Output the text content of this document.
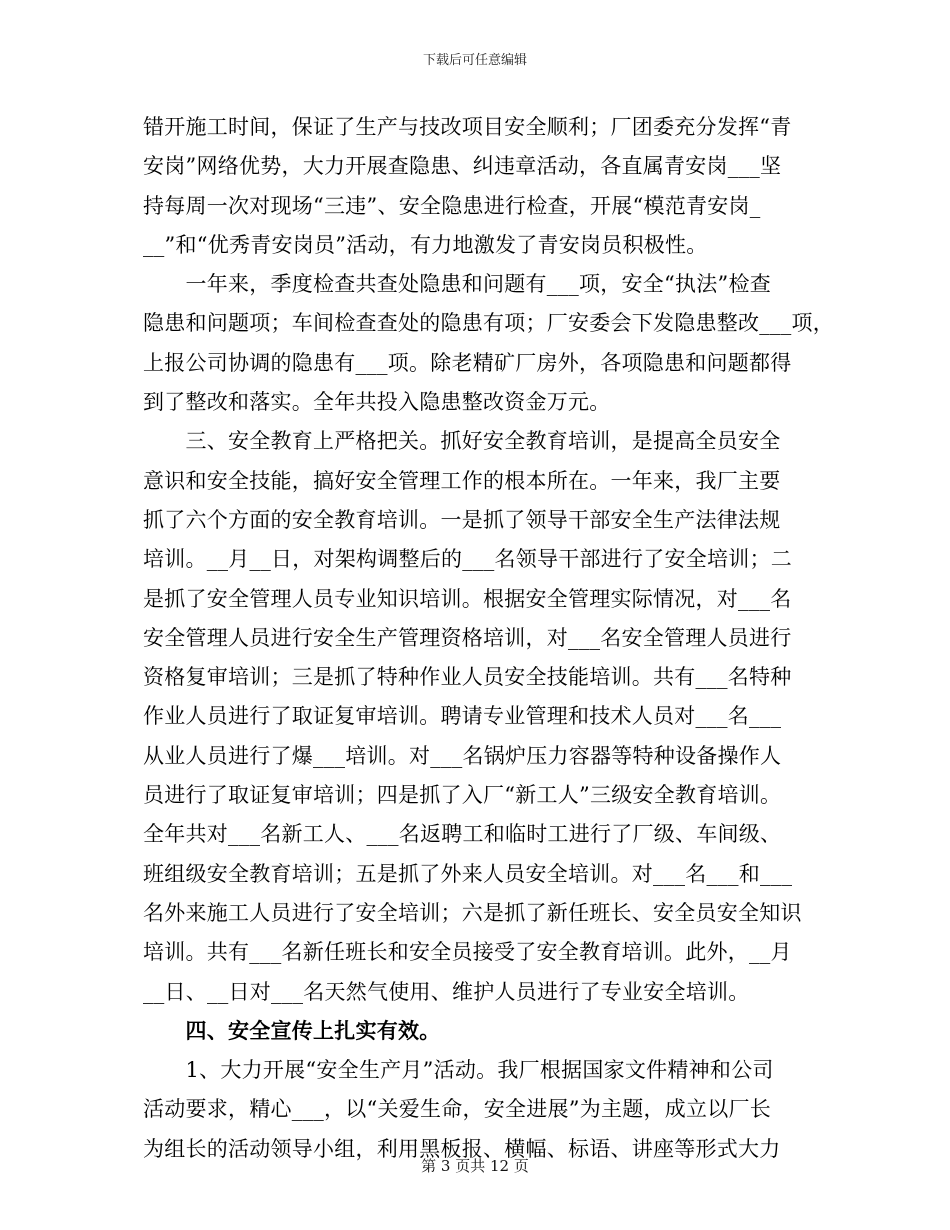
下载后可任意编辑
错开施工时间，保证了生产与技改项目安全顺利；厂团委充分发挥“青
安岗”网络优势，大力开展查隐患、纠违章活动，各直属青安岗___坚
持每周一次对现场“三违”、安全隐患进行检查，开展“模范青安岗_
__”和“优秀青安岗员”活动，有力地激发了青安岗员积极性。
　　一年来，季度检查共查处隐患和问题有___项，安全“执法”检查
隐患和问题项；车间检查查处的隐患有项；厂安委会下发隐患整改___项，
上报公司协调的隐患有___项。除老精矿厂房外，各项隐患和问题都得
到了整改和落实。全年共投入隐患整改资金万元。
　　三、安全教育上严格把关。抓好安全教育培训，是提高全员安全
意识和安全技能，搞好安全管理工作的根本所在。一年来，我厂主要
抓了六个方面的安全教育培训。一是抓了领导干部安全生产法律法规
培训。__月__日，对架构调整后的___名领导干部进行了安全培训；二
是抓了安全管理人员专业知识培训。根据安全管理实际情况，对___名
安全管理人员进行安全生产管理资格培训，对___名安全管理人员进行
资格复审培训；三是抓了特种作业人员安全技能培训。共有___名特种
作业人员进行了取证复审培训。聘请专业管理和技术人员对___名___
从业人员进行了爆___培训。对___名锅炉压力容器等特种设备操作人
员进行了取证复审培训；四是抓了入厂“新工人”三级安全教育培训。
全年共对___名新工人、___名返聘工和临时工进行了厂级、车间级、
班组级安全教育培训；五是抓了外来人员安全培训。对___名___和___
名外来施工人员进行了安全培训；六是抓了新任班长、安全员安全知识
培训。共有___名新任班长和安全员接受了安全教育培训。此外，__月
__日、__日对___名天然气使用、维护人员进行了专业安全培训。
　　四、安全宣传上扎实有效。
　　1、大力开展“安全生产月”活动。我厂根据国家文件精神和公司
活动要求，精心___，以“关爱生命，安全进展”为主题，成立以厂长
为组长的活动领导小组，利用黑板报、横幅、标语、讲座等形式大力
第 3 页共 12 页
